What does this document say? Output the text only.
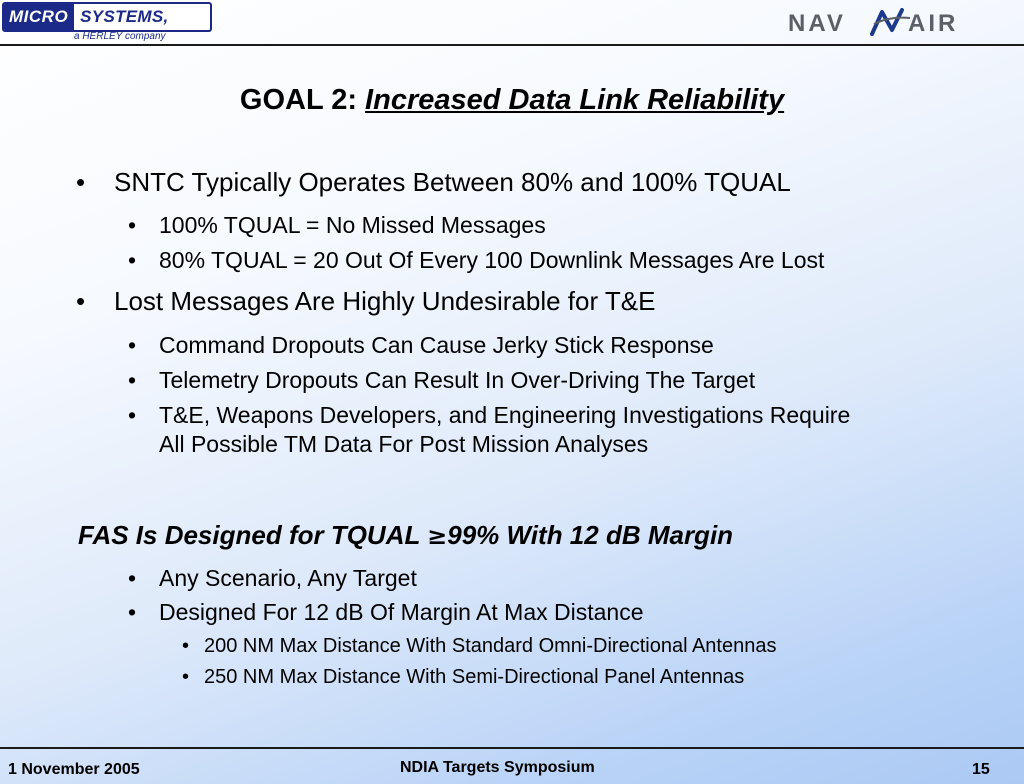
MICRO SYSTEMS,
a HERLEY company	NAV	AIR
GOAL 2: Increased Data Link Reliability
• SNTC Typically Operates Between 80% and 100% TQUAL
• 100% TQUAL = No Missed Messages
• 80% TQUAL = 20 Out Of Every 100 Downlink Messages Are Lost
• Lost Messages Are Highly Undesirable for T&E
• Command Dropouts Can Cause Jerky Stick Response
• Telemetry Dropouts Can Result In Over-Driving The Target
• T&E, Weapons Developers, and Engineering Investigations Require
All Possible TM Data For Post Mission Analyses
FAS Is Designed for TQUAL ≥99% With 12 dB Margin
• Any Scenario, Any Target
• Designed For 12 dB Of Margin At Max Distance
• 200 NM Max Distance With Standard Omni-Directional Antennas
• 250 NM Max Distance With Semi-Directional Panel Antennas
1 November 2005	NDIA Targets Symposium	15
